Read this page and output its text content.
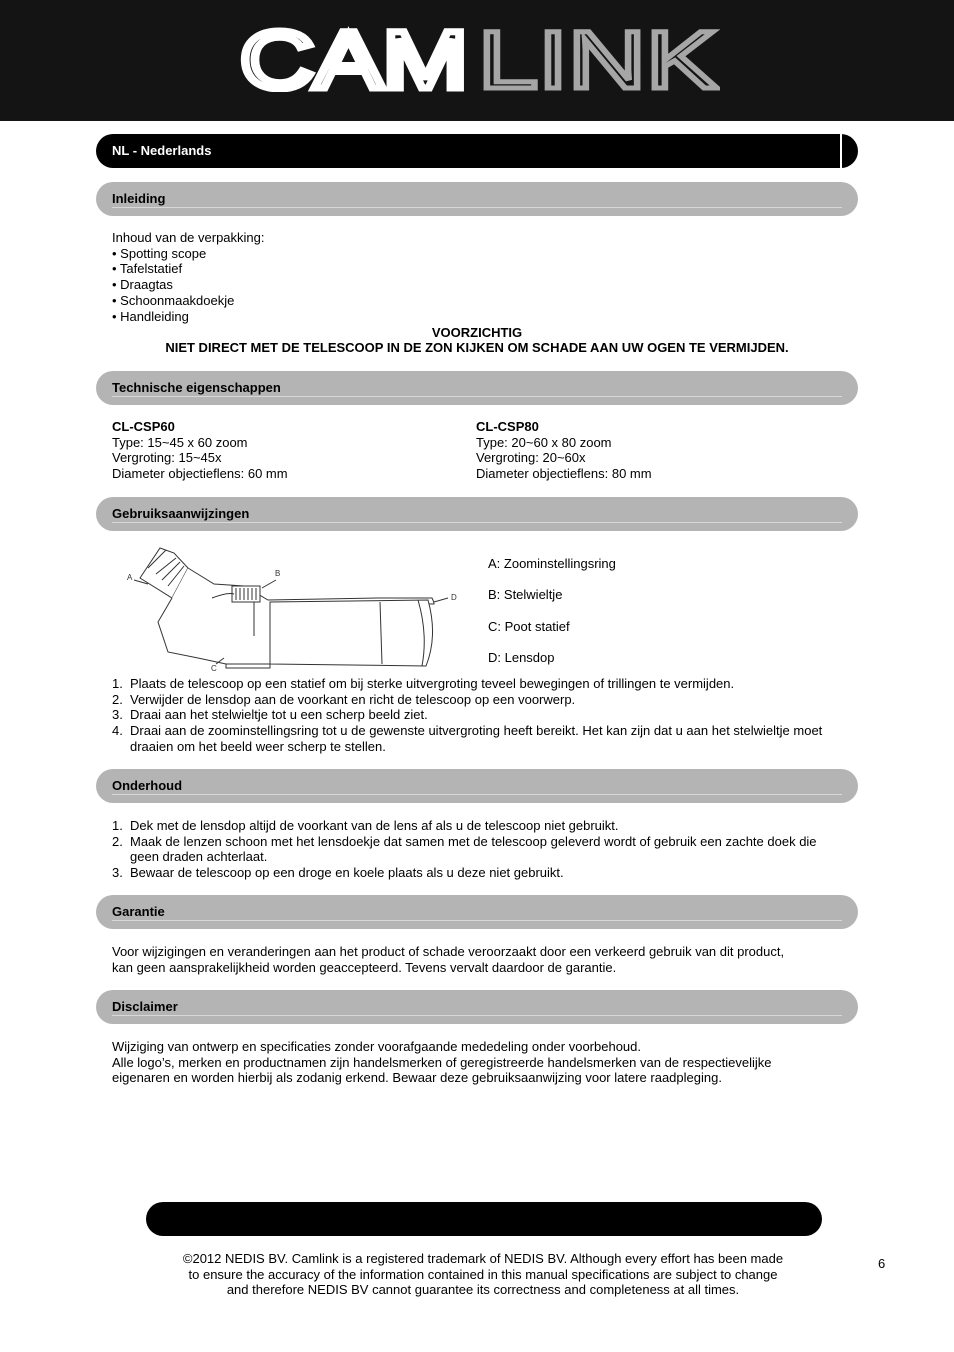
CAM LINK
NL - Nederlands
Inleiding
Inhoud van de verpakking:
• Spotting scope
• Tafelstatief
• Draagtas
• Schoonmaakdoekje
• Handleiding
VOORZICHTIG
NIET DIRECT MET DE TELESCOOP IN DE ZON KIJKEN OM SCHADE AAN UW OGEN TE VERMIJDEN.
Technische eigenschappen
CL-CSP60
Type: 15~45 x 60 zoom
Vergroting: 15~45x
Diameter objectieflens: 60 mm
CL-CSP80
Type: 20~60 x 80 zoom
Vergroting: 20~60x
Diameter objectieflens: 80 mm
Gebruiksaanwijzingen
A	B
C
D
A: Zoominstellingsring
B: Stelwieltje
C: Poot statief
D: Lensdop
1. Plaats de telescoop op een statief om bij sterke uitvergroting teveel bewegingen of trillingen te vermijden.
2. Verwijder de lensdop aan de voorkant en richt de telescoop op een voorwerp.
3. Draai aan het stelwieltje tot u een scherp beeld ziet.
4. Draai aan de zoominstellingsring tot u de gewenste uitvergroting heeft bereikt. Het kan zijn dat u aan het stelwieltje moet draaien om het beeld weer scherp te stellen.
Onderhoud
1. Dek met de lensdop altijd de voorkant van de lens af als u de telescoop niet gebruikt.
2. Maak de lenzen schoon met het lensdoekje dat samen met de telescoop geleverd wordt of gebruik een zachte doek die geen draden achterlaat.
3. Bewaar de telescoop op een droge en koele plaats als u deze niet gebruikt.
Garantie
Voor wijzigingen en veranderingen aan het product of schade veroorzaakt door een verkeerd gebruik van dit product,
kan geen aansprakelijkheid worden geaccepteerd. Tevens vervalt daardoor de garantie.
Disclaimer
Wijziging van ontwerp en specificaties zonder voorafgaande mededeling onder voorbehoud.
Alle logo’s, merken en productnamen zijn handelsmerken of geregistreerde handelsmerken van de respectievelijke
eigenaren en worden hierbij als zodanig erkend. Bewaar deze gebruiksaanwijzing voor latere raadpleging.
©2012 NEDIS BV. Camlink is a registered trademark of NEDIS BV. Although every effort has been made
to ensure the accuracy of the information contained in this manual specifications are subject to change
and therefore NEDIS BV cannot guarantee its correctness and completeness at all times.
6
